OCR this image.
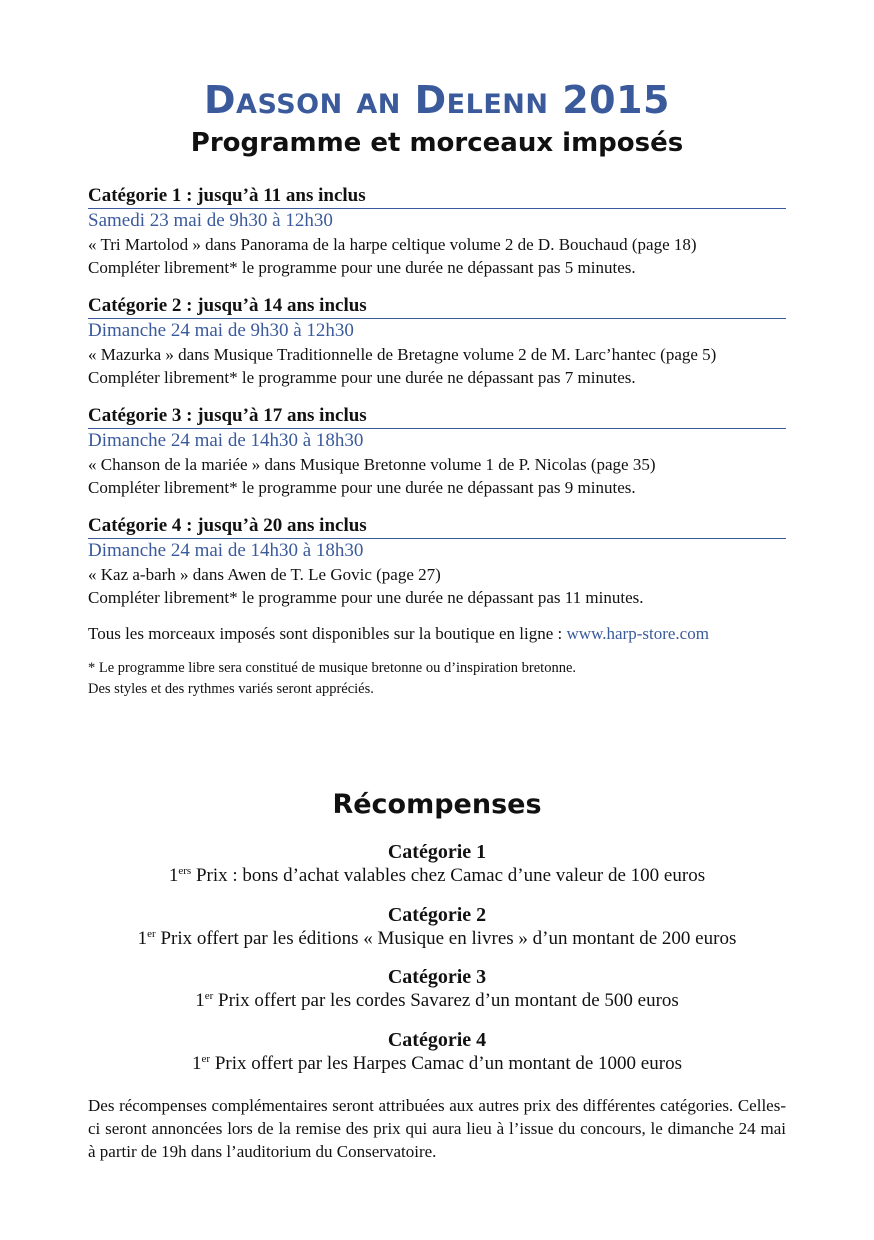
Dasson an Delenn 2015
Programme et morceaux imposés
Catégorie 1 : jusqu’à 11 ans inclus
Samedi 23 mai de 9h30 à 12h30
« Tri Martolod » dans Panorama de la harpe celtique volume 2 de D. Bouchaud (page 18)
Compléter librement* le programme pour une durée ne dépassant pas 5 minutes.
Catégorie 2 : jusqu’à 14 ans inclus
Dimanche 24 mai de 9h30 à 12h30
« Mazurka » dans Musique Traditionnelle de Bretagne volume 2 de M. Larc’hantec (page 5)
Compléter librement* le programme pour une durée ne dépassant pas 7 minutes.
Catégorie 3 : jusqu’à 17 ans inclus
Dimanche 24 mai de 14h30 à 18h30
« Chanson de la mariée » dans Musique Bretonne volume 1 de P. Nicolas (page 35)
Compléter librement* le programme pour une durée ne dépassant pas 9 minutes.
Catégorie 4 : jusqu’à 20 ans inclus
Dimanche 24 mai de 14h30 à 18h30
« Kaz a-barh » dans Awen de T. Le Govic (page 27)
Compléter librement* le programme pour une durée ne dépassant pas 11 minutes.
Tous les morceaux imposés sont disponibles sur la boutique en ligne : www.harp-store.com
* Le programme libre sera constitué de musique bretonne ou d’inspiration bretonne.
Des styles et des rythmes variés seront appréciés.
Récompenses
Catégorie 1
1ers Prix : bons d’achat valables chez Camac d’une valeur de 100 euros
Catégorie 2
1er Prix offert par les éditions « Musique en livres » d’un montant de 200 euros
Catégorie 3
1er Prix offert par les cordes Savarez d’un montant de 500 euros
Catégorie 4
1er Prix offert par les Harpes Camac d’un montant de 1000 euros
Des récompenses complémentaires seront attribuées aux autres prix des différentes catégories. Celles-ci seront annoncées lors de la remise des prix qui aura lieu à l’issue du concours, le dimanche 24 mai à partir de 19h dans l’auditorium du Conservatoire.
